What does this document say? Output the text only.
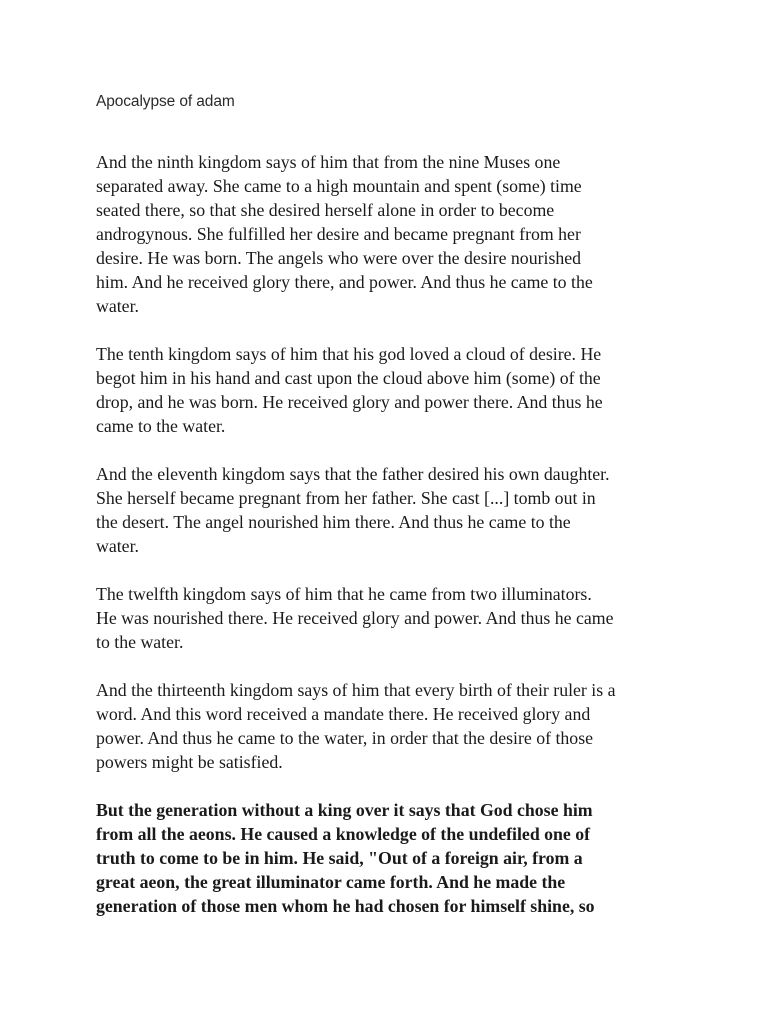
Apocalypse of adam

And the ninth kingdom says of him that from the nine Muses one
separated away. She came to a high mountain and spent (some) time
seated there, so that she desired herself alone in order to become
androgynous. She fulfilled her desire and became pregnant from her
desire. He was born. The angels who were over the desire nourished
him. And he received glory there, and power. And thus he came to the
water.

The tenth kingdom says of him that his god loved a cloud of desire. He
begot him in his hand and cast upon the cloud above him (some) of the
drop, and he was born. He received glory and power there. And thus he
came to the water.

And the eleventh kingdom says that the father desired his own daughter.
She herself became pregnant from her father. She cast [...] tomb out in
the desert. The angel nourished him there. And thus he came to the
water.

The twelfth kingdom says of him that he came from two illuminators.
He was nourished there. He received glory and power. And thus he came
to the water.

And the thirteenth kingdom says of him that every birth of their ruler is a
word. And this word received a mandate there. He received glory and
power. And thus he came to the water, in order that the desire of those
powers might be satisfied.

But the generation without a king over it says that God chose him
from all the aeons. He caused a knowledge of the undefiled one of
truth to come to be in him. He said, "Out of a foreign air, from a
great aeon, the great illuminator came forth. And he made the
generation of those men whom he had chosen for himself shine, so
